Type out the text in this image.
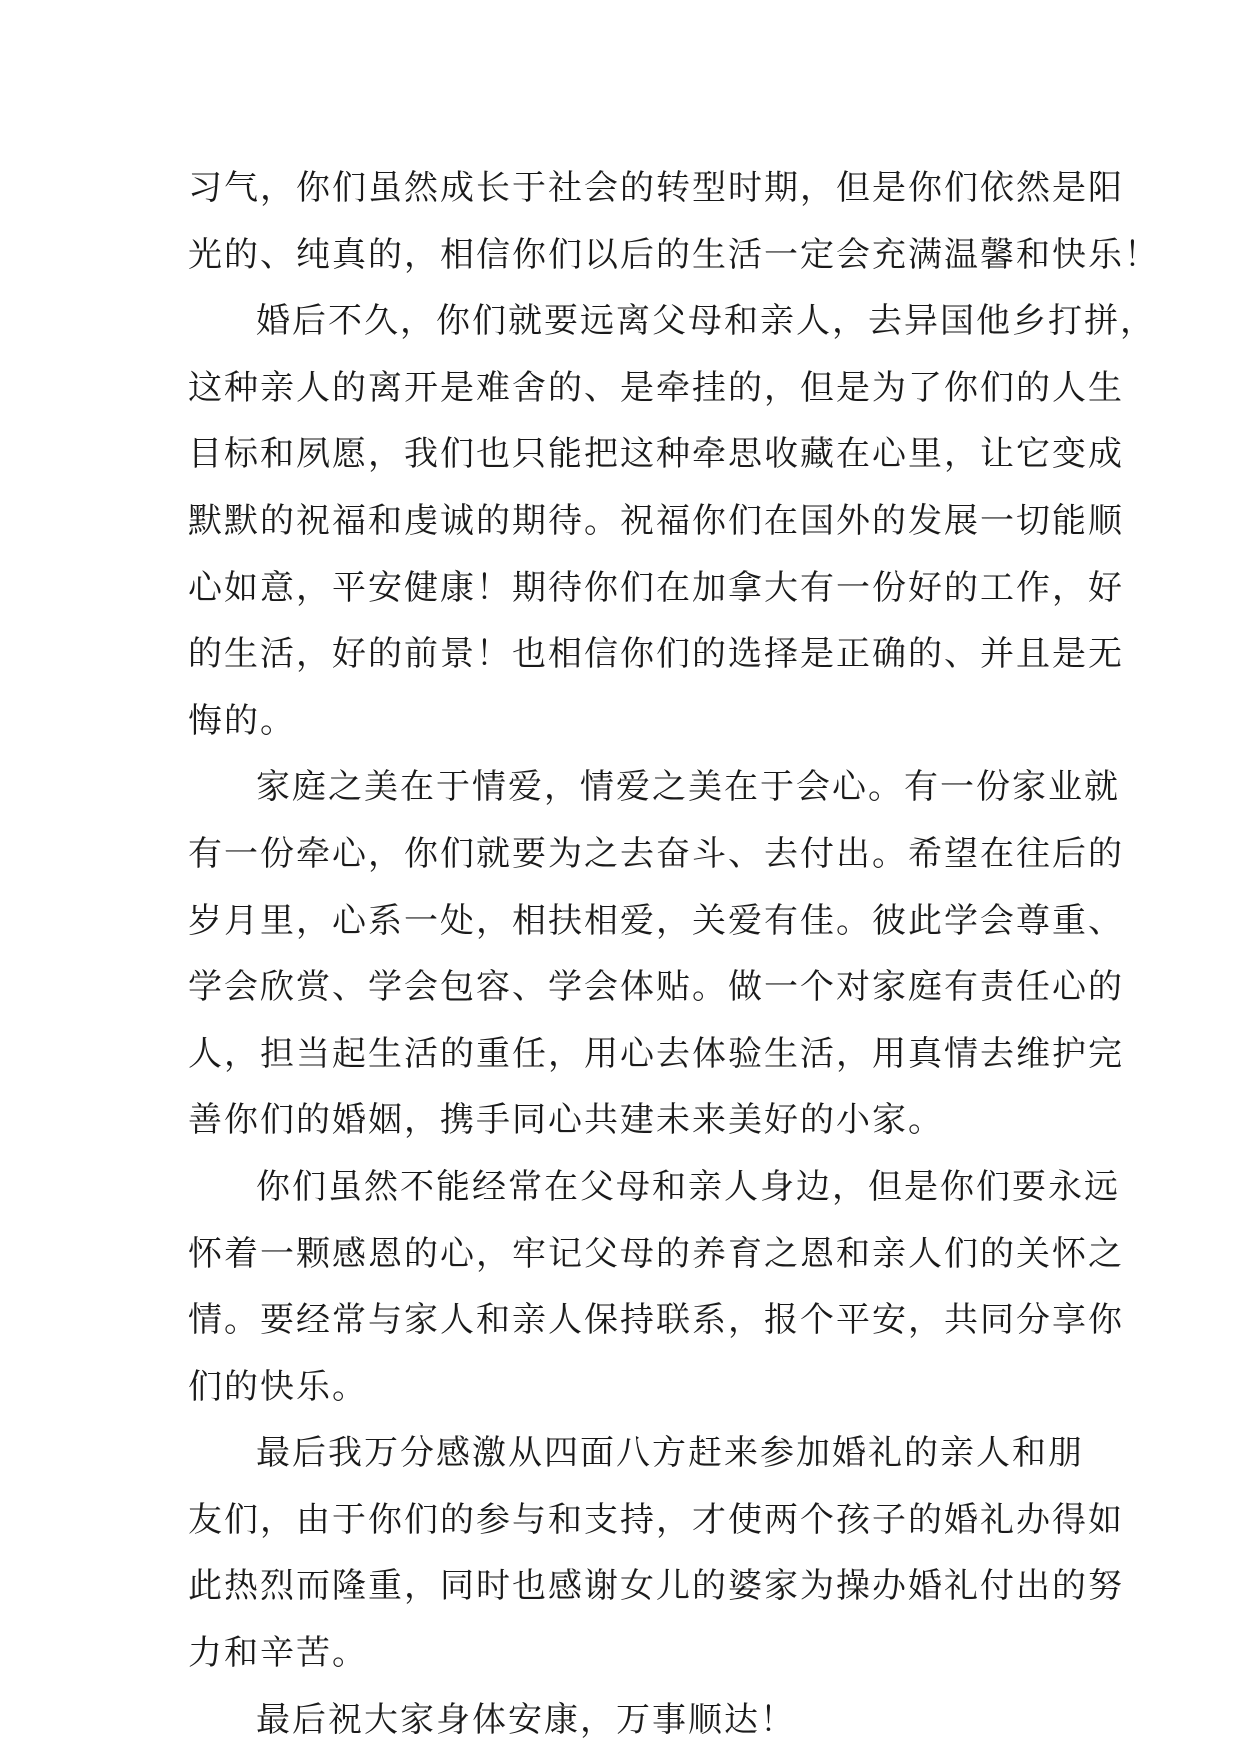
习气，你们虽然成长于社会的转型时期，但是你们依然是阳
光的、纯真的，相信你们以后的生活一定会充满温馨和快乐！
婚后不久，你们就要远离父母和亲人，去异国他乡打拼，
这种亲人的离开是难舍的、是牵挂的，但是为了你们的人生
目标和夙愿，我们也只能把这种牵思收藏在心里，让它变成
默默的祝福和虔诚的期待。祝福你们在国外的发展一切能顺
心如意，平安健康！期待你们在加拿大有一份好的工作，好
的生活，好的前景！也相信你们的选择是正确的、并且是无
悔的。
家庭之美在于情爱，情爱之美在于会心。有一份家业就
有一份牵心，你们就要为之去奋斗、去付出。希望在往后的
岁月里，心系一处，相扶相爱，关爱有佳。彼此学会尊重、
学会欣赏、学会包容、学会体贴。做一个对家庭有责任心的
人，担当起生活的重任，用心去体验生活，用真情去维护完
善你们的婚姻，携手同心共建未来美好的小家。
你们虽然不能经常在父母和亲人身边，但是你们要永远
怀着一颗感恩的心，牢记父母的养育之恩和亲人们的关怀之
情。要经常与家人和亲人保持联系，报个平安，共同分享你
们的快乐。
最后我万分感激从四面八方赶来参加婚礼的亲人和朋
友们，由于你们的参与和支持，才使两个孩子的婚礼办得如
此热烈而隆重，同时也感谢女儿的婆家为操办婚礼付出的努
力和辛苦。
最后祝大家身体安康，万事顺达！
